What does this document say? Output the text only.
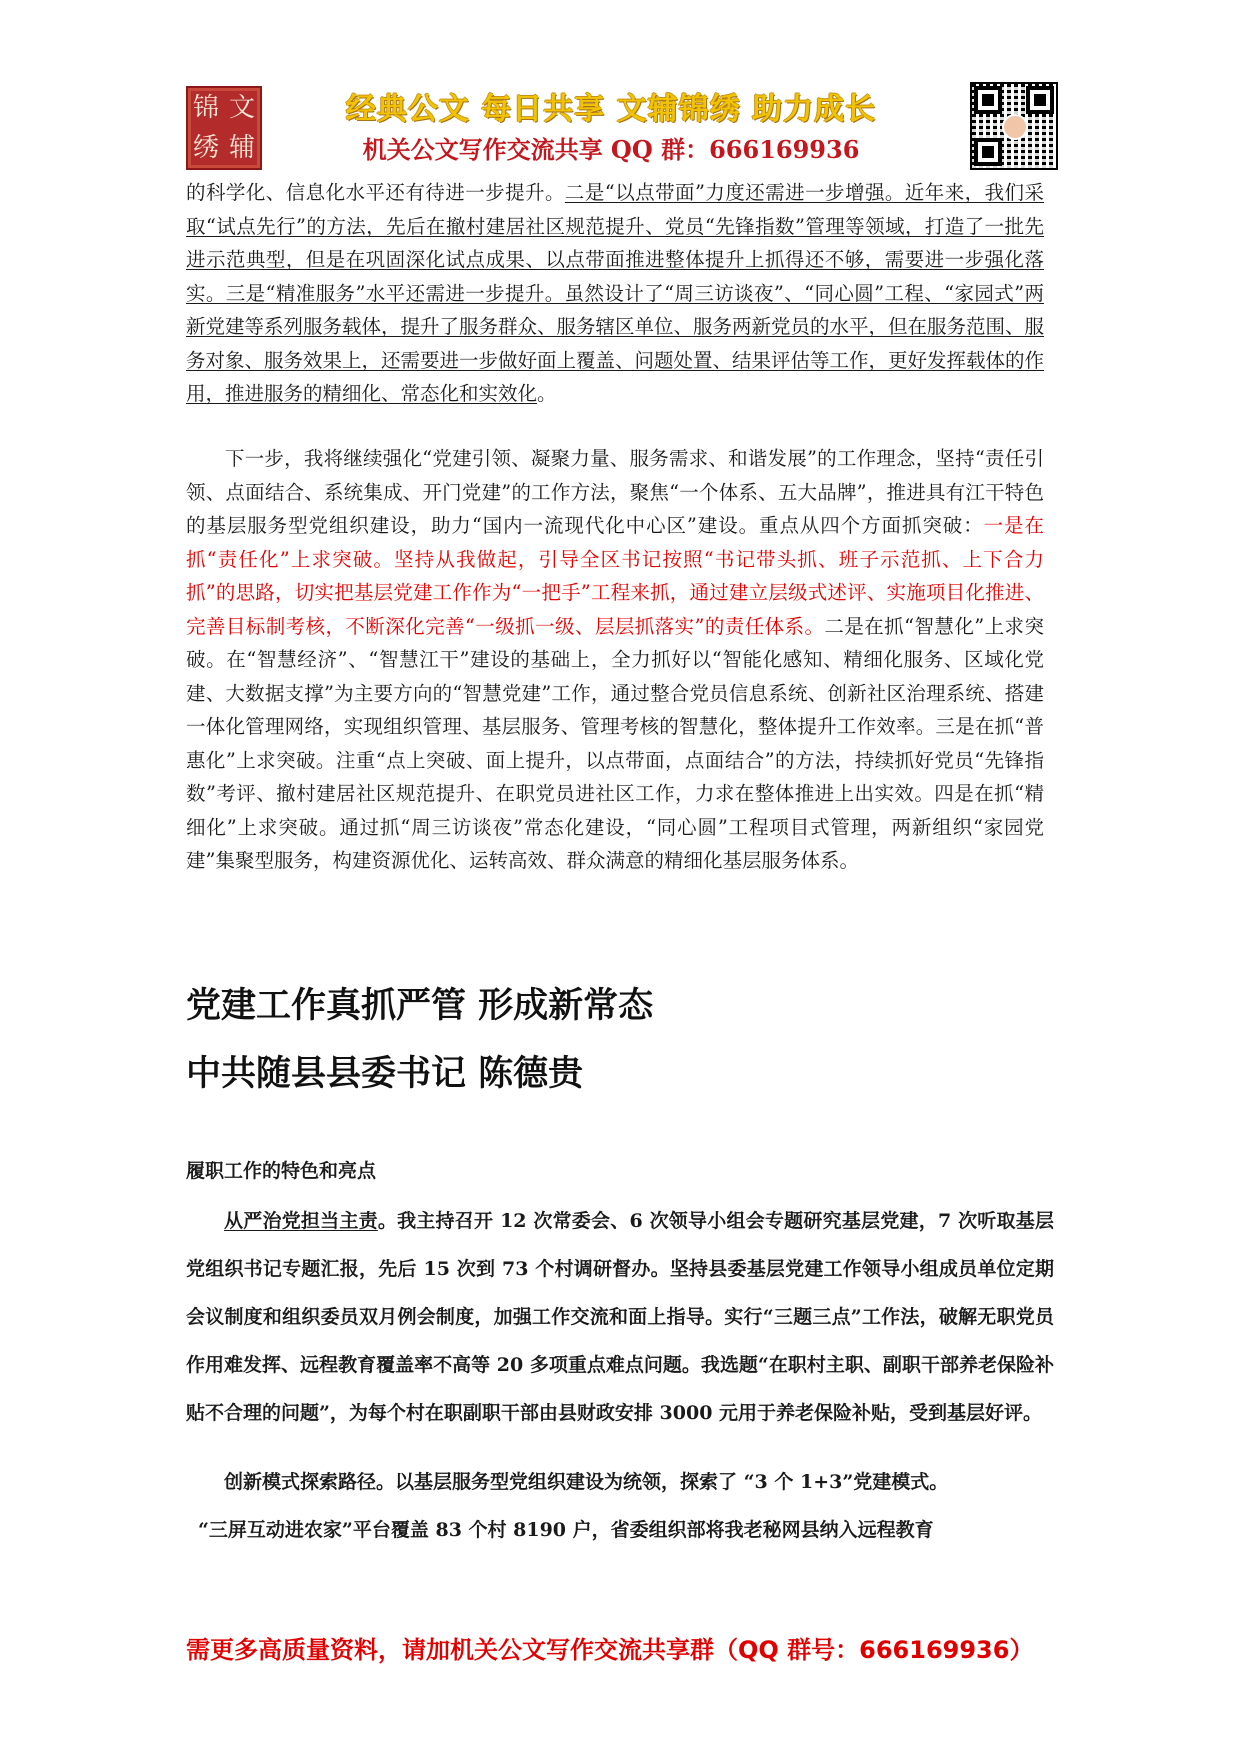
锦 文
绣 辅
经典公文 每日共享 文辅锦绣 助力成长
机关公文写作交流共享 QQ 群：666169936

的科学化、信息化水平还有待进一步提升。二是“以点带面”力度还需进一步增强。近年来，我们采取“试点先行”的方法，先后在撤村建居社区规范提升、党员“先锋指数”管理等领域，打造了一批先进示范典型，但是在巩固深化试点成果、以点带面推进整体提升上抓得还不够，需要进一步强化落实。三是“精准服务”水平还需进一步提升。虽然设计了“周三访谈夜”、“同心圆”工程、“家园式”两新党建等系列服务载体，提升了服务群众、服务辖区单位、服务两新党员的水平，但在服务范围、服务对象、服务效果上，还需要进一步做好面上覆盖、问题处置、结果评估等工作，更好发挥载体的作用，推进服务的精细化、常态化和实效化。

下一步，我将继续强化“党建引领、凝聚力量、服务需求、和谐发展”的工作理念，坚持“责任引领、点面结合、系统集成、开门党建”的工作方法，聚焦“一个体系、五大品牌”，推进具有江干特色的基层服务型党组织建设，助力“国内一流现代化中心区”建设。重点从四个方面抓突破：一是在抓“责任化”上求突破。坚持从我做起，引导全区书记按照“书记带头抓、班子示范抓、上下合力抓”的思路，切实把基层党建工作作为“一把手”工程来抓，通过建立层级式述评、实施项目化推进、完善目标制考核，不断深化完善“一级抓一级、层层抓落实”的责任体系。二是在抓“智慧化”上求突破。在“智慧经济”、“智慧江干”建设的基础上，全力抓好以“智能化感知、精细化服务、区域化党建、大数据支撑”为主要方向的“智慧党建”工作，通过整合党员信息系统、创新社区治理系统、搭建一体化管理网络，实现组织管理、基层服务、管理考核的智慧化，整体提升工作效率。三是在抓“普惠化”上求突破。注重“点上突破、面上提升，以点带面，点面结合”的方法，持续抓好党员“先锋指数”考评、撤村建居社区规范提升、在职党员进社区工作，力求在整体推进上出实效。四是在抓“精细化”上求突破。通过抓“周三访谈夜”常态化建设，“同心圆”工程项目式管理，两新组织“家园党建”集聚型服务，构建资源优化、运转高效、群众满意的精细化基层服务体系。

党建工作真抓严管 形成新常态
中共随县县委书记 陈德贵

履职工作的特色和亮点

从严治党担当主责。我主持召开 12 次常委会、6 次领导小组会专题研究基层党建，7 次听取基层党组织书记专题汇报，先后 15 次到 73 个村调研督办。坚持县委基层党建工作领导小组成员单位定期会议制度和组织委员双月例会制度，加强工作交流和面上指导。实行“三题三点”工作法，破解无职党员作用难发挥、远程教育覆盖率不高等 20 多项重点难点问题。我选题“在职村主职、副职干部养老保险补贴不合理的问题”，为每个村在职副职干部由县财政安排 3000 元用于养老保险补贴，受到基层好评。

创新模式探索路径。以基层服务型党组织建设为统领，探索了 “3 个 1+3”党建模式。
“三屏互动进农家”平台覆盖 83 个村 8190 户，省委组织部将我老秘网县纳入远程教育

需更多高质量资料，请加机关公文写作交流共享群（QQ 群号：666169936）
